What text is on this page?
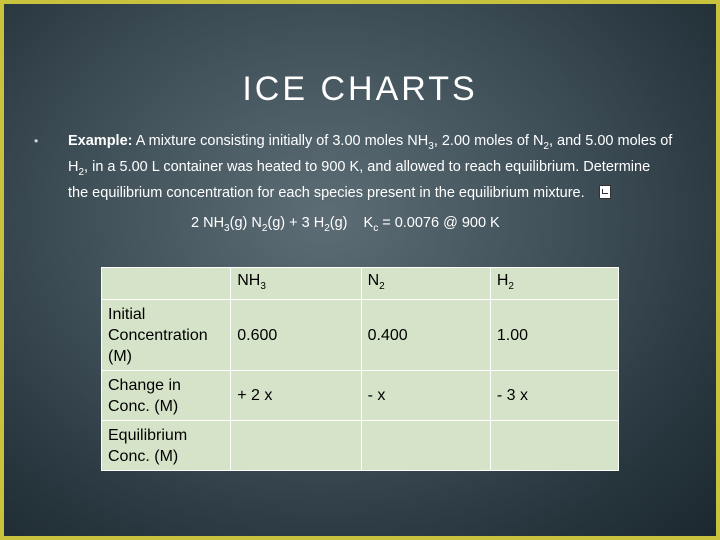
ICE CHARTS
• Example: A mixture consisting initially of 3.00 moles $NH_3$, 2.00 moles of $N_2$, and 5.00 moles of $H_2$, in a 5.00 L container was heated to 900 K, and allowed to reach equilibrium. Determine the equilibrium concentration for each species present in the equilibrium mixture.
2 $NH_3(g) N_2(g) + 3$ $H_2(g) K_c = 0.0076$ @ 900 K
	$NH_3$	$N_2$	$H_2$
Initial
Concentration
(M)	0.600	0.400	1.00
Change in
Conc. (M)	+ 2 x	- x	- 3 x
Equilibrium
Conc. (M)			
